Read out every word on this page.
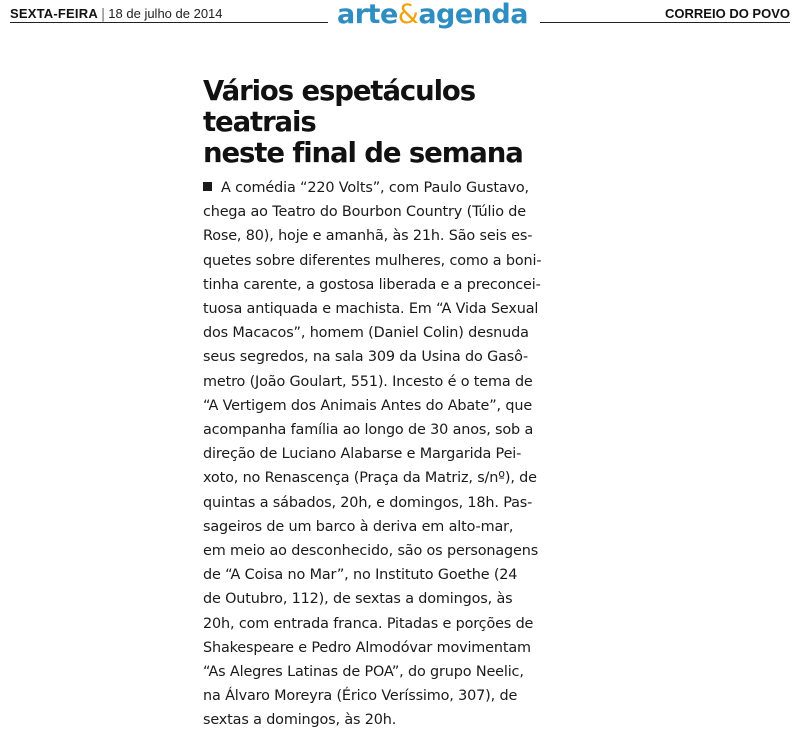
SEXTA-FEIRA | 18 de julho de 2014	arte&agenda	CORREIO DO POVO
Vários espetáculos teatrais
neste final de semana
A comédia “220 Volts”, com Paulo Gustavo,
chega ao Teatro do Bourbon Country (Túlio de
Rose, 80), hoje e amanhã, às 21h. São seis es-
quetes sobre diferentes mulheres, como a boni-
tinha carente, a gostosa liberada e a preconcei-
tuosa antiquada e machista. Em “A Vida Sexual
dos Macacos”, homem (Daniel Colin) desnuda
seus segredos, na sala 309 da Usina do Gasô-
metro (João Goulart, 551). Incesto é o tema de
“A Vertigem dos Animais Antes do Abate”, que
acompanha família ao longo de 30 anos, sob a
direção de Luciano Alabarse e Margarida Pei-
xoto, no Renascença (Praça da Matriz, s/nº), de
quintas a sábados, 20h, e domingos, 18h. Pas-
sageiros de um barco à deriva em alto-mar,
em meio ao desconhecido, são os personagens
de “A Coisa no Mar”, no Instituto Goethe (24
de Outubro, 112), de sextas a domingos, às
20h, com entrada franca. Pitadas e porções de
Shakespeare e Pedro Almodóvar movimentam
“As Alegres Latinas de POA”, do grupo Neelic,
na Álvaro Moreyra (Érico Veríssimo, 307), de
sextas a domingos, às 20h.
